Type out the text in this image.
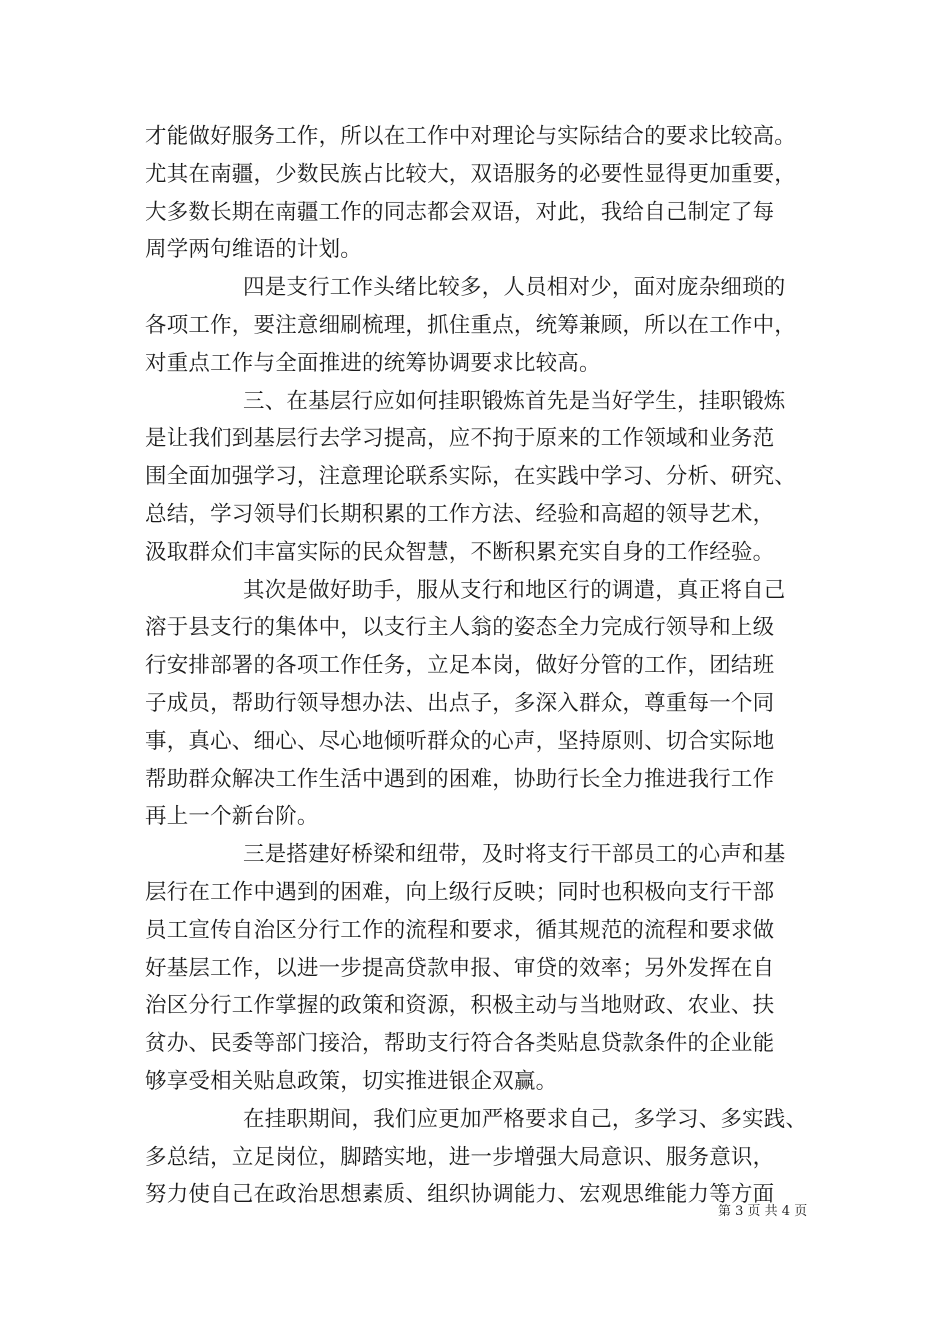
才能做好服务工作，所以在工作中对理论与实际结合的要求比较高。
尤其在南疆，少数民族占比较大，双语服务的必要性显得更加重要，
大多数长期在南疆工作的同志都会双语，对此，我给自己制定了每
周学两句维语的计划。

四是支行工作头绪比较多，人员相对少，面对庞杂细琐的
各项工作，要注意细刷梳理，抓住重点，统筹兼顾，所以在工作中，
对重点工作与全面推进的统筹协调要求比较高。

三、在基层行应如何挂职锻炼首先是当好学生，挂职锻炼
是让我们到基层行去学习提高，应不拘于原来的工作领域和业务范
围全面加强学习，注意理论联系实际，在实践中学习、分析、研究、
总结，学习领导们长期积累的工作方法、经验和高超的领导艺术，
汲取群众们丰富实际的民众智慧，不断积累充实自身的工作经验。

其次是做好助手，服从支行和地区行的调遣，真正将自己
溶于县支行的集体中，以支行主人翁的姿态全力完成行领导和上级
行安排部署的各项工作任务，立足本岗，做好分管的工作，团结班
子成员，帮助行领导想办法、出点子，多深入群众，尊重每一个同
事，真心、细心、尽心地倾听群众的心声，坚持原则、切合实际地
帮助群众解决工作生活中遇到的困难，协助行长全力推进我行工作
再上一个新台阶。

三是搭建好桥梁和纽带，及时将支行干部员工的心声和基
层行在工作中遇到的困难，向上级行反映；同时也积极向支行干部
员工宣传自治区分行工作的流程和要求，循其规范的流程和要求做
好基层工作，以进一步提高贷款申报、审贷的效率；另外发挥在自
治区分行工作掌握的政策和资源，积极主动与当地财政、农业、扶
贫办、民委等部门接洽，帮助支行符合各类贴息贷款条件的企业能
够享受相关贴息政策，切实推进银企双赢。

在挂职期间，我们应更加严格要求自己，多学习、多实践、
多总结，立足岗位，脚踏实地，进一步增强大局意识、服务意识，
努力使自己在政治思想素质、组织协调能力、宏观思维能力等方面

第 3 页 共 4 页
